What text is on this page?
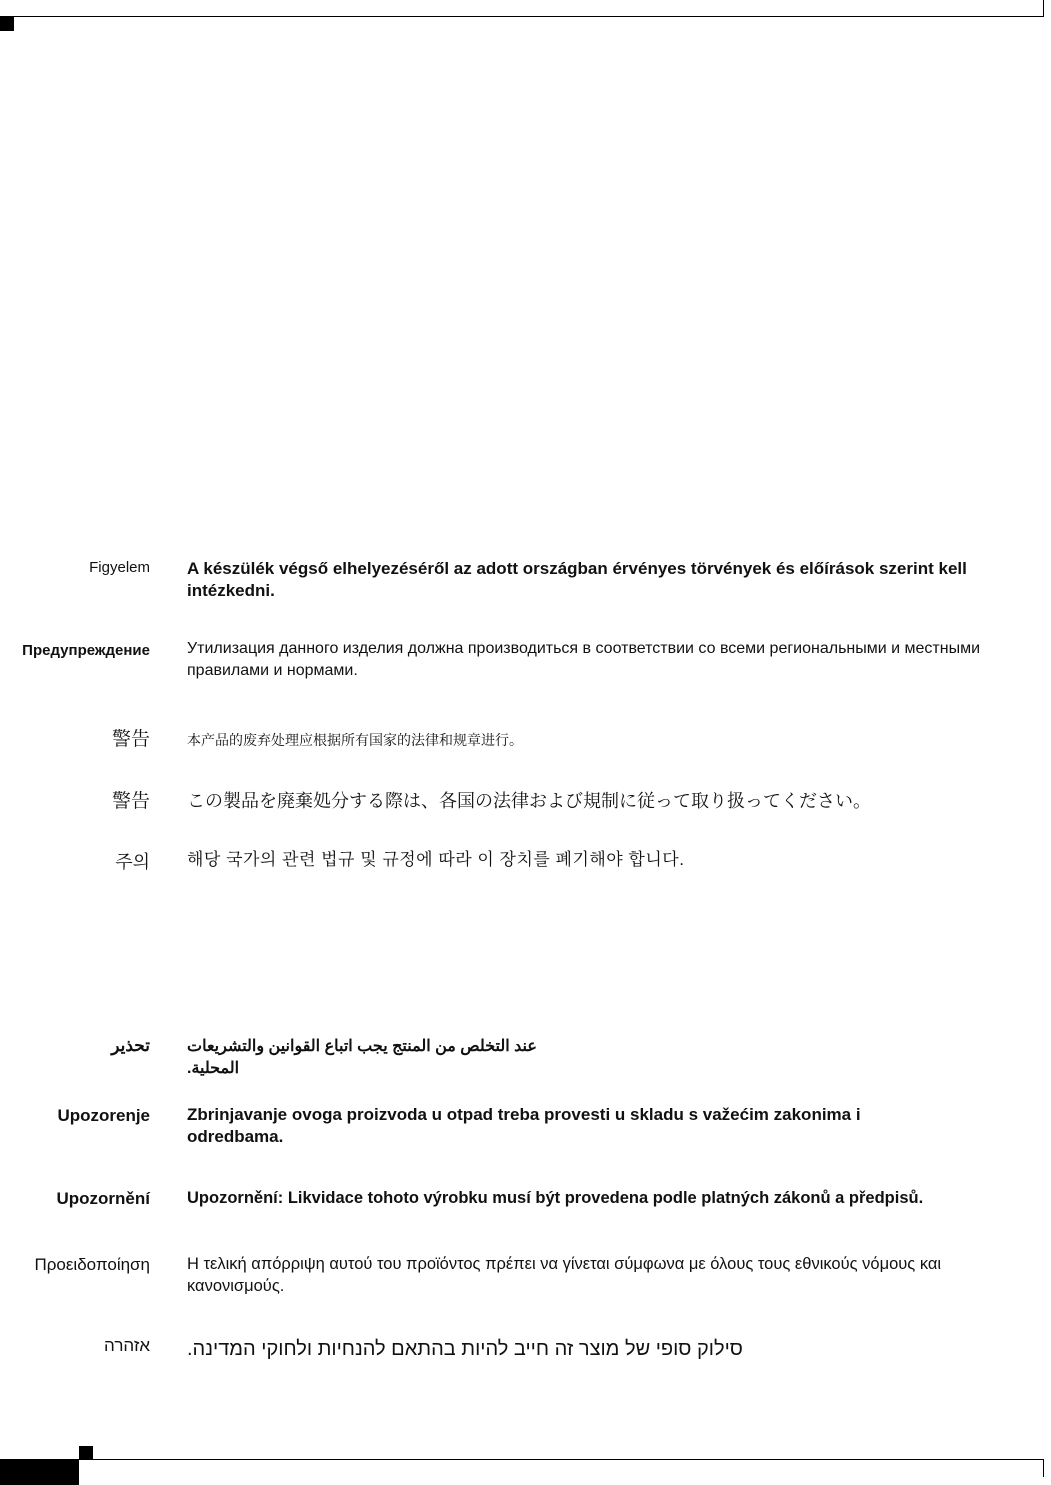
Figyelem A készülék végső elhelyezéséről az adott országban érvényes törvények és előírások szerint kell intézkedni.
Предупреждение Утилизация данного изделия должна производиться в соответствии со всеми региональными и местными правилами и нормами.
警告	本产品的废弃处理应根据所有国家的法律和规章进行。
警告 この製品を廃棄処分する際は、各国の法律および規制に従って取り扱ってください。
주의 해당 국가의 관련 법규 및 규정에 따라 이 장치를 폐기해야 합니다.
تحذير عند التخلص من المنتج يجب اتباع القوانين والتشريعات المحلية.
Upozorenje Zbrinjavanje ovoga proizvoda u otpad treba provesti u skladu s važećim zakonima i odredbama.
Upozornění Upozornění: Likvidace tohoto výrobku musí být provedena podle platných zákonů a předpisů.
Προειδοποίηση Η τελική απόρριψη αυτού του προϊόντος πρέπει να γίνεται σύμφωνα με όλους τους εθνικούς νόμους και κανονισμούς.
אזהרה סילוק סופי של מוצר זה חייב להיות בהתאם להנחיות ולחוקי המדינה.
